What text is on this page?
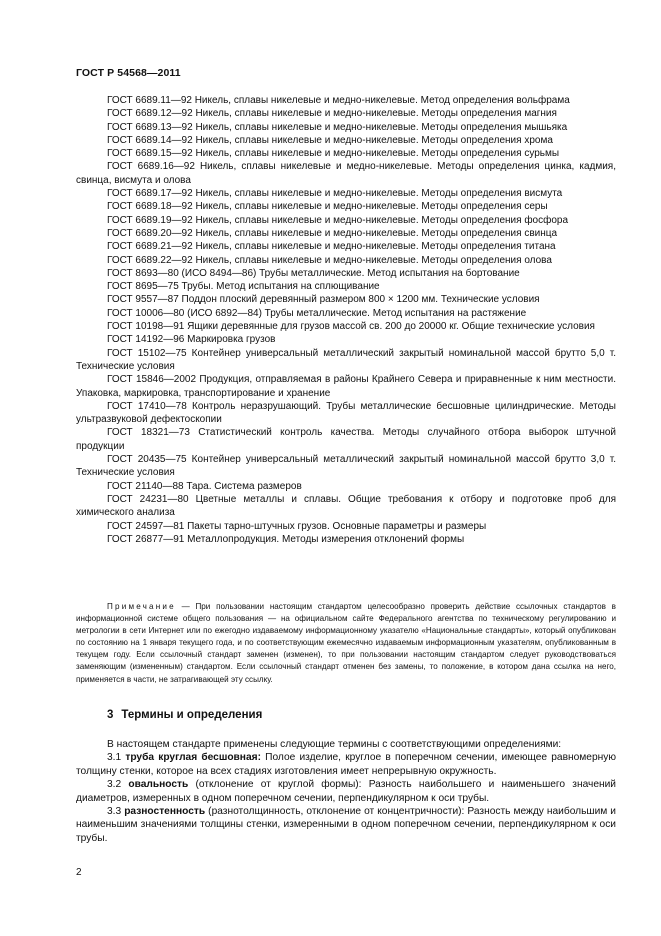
ГОСТ Р 54568—2011

ГОСТ 6689.11—92 Никель, сплавы никелевые и медно-никелевые. Метод определения вольфрама

ГОСТ 6689.12—92 Никель, сплавы никелевые и медно-никелевые. Методы определения магния

ГОСТ 6689.13—92 Никель, сплавы никелевые и медно-никелевые. Методы определения мышьяка

ГОСТ 6689.14—92 Никель, сплавы никелевые и медно-никелевые. Методы определения хрома

ГОСТ 6689.15—92 Никель, сплавы никелевые и медно-никелевые. Методы определения сурьмы

ГОСТ 6689.16—92 Никель, сплавы никелевые и медно-никелевые. Методы определения цинка, кадмия, свинца, висмута и олова

ГОСТ 6689.17—92 Никель, сплавы никелевые и медно-никелевые. Методы определения висмута

ГОСТ 6689.18—92 Никель, сплавы никелевые и медно-никелевые. Методы определения серы

ГОСТ 6689.19—92 Никель, сплавы никелевые и медно-никелевые. Методы определения фосфора

ГОСТ 6689.20—92 Никель, сплавы никелевые и медно-никелевые. Методы определения свинца

ГОСТ 6689.21—92 Никель, сплавы никелевые и медно-никелевые. Методы определения титана

ГОСТ 6689.22—92 Никель, сплавы никелевые и медно-никелевые. Методы определения олова

ГОСТ 8693—80 (ИСО 8494—86) Трубы металлические. Метод испытания на бортование

ГОСТ 8695—75 Трубы. Метод испытания на сплющивание

ГОСТ 9557—87 Поддон плоский деревянный размером 800 × 1200 мм. Технические условия

ГОСТ 10006—80 (ИСО 6892—84) Трубы металлические. Метод испытания на растяжение

ГОСТ 10198—91 Ящики деревянные для грузов массой св. 200 до 20000 кг. Общие технические условия

ГОСТ 14192—96 Маркировка грузов

ГОСТ 15102—75 Контейнер универсальный металлический закрытый номинальной массой брутто 5,0 т. Технические условия

ГОСТ 15846—2002 Продукция, отправляемая в районы Крайнего Севера и приравненные к ним местности. Упаковка, маркировка, транспортирование и хранение

ГОСТ 17410—78 Контроль неразрушающий. Трубы металлические бесшовные цилиндрические. Методы ультразвуковой дефектоскопии

ГОСТ 18321—73 Статистический контроль качества. Методы случайного отбора выборок штучной продукции

ГОСТ 20435—75 Контейнер универсальный металлический закрытый номинальной массой брутто 3,0 т. Технические условия

ГОСТ 21140—88 Тара. Система размеров

ГОСТ 24231—80 Цветные металлы и сплавы. Общие требования к отбору и подготовке проб для химического анализа

ГОСТ 24597—81 Пакеты тарно-штучных грузов. Основные параметры и размеры

ГОСТ 26877—91 Металлопродукция. Методы измерения отклонений формы

Примечание — При пользовании настоящим стандартом целесообразно проверить действие ссылочных стандартов в информационной системе общего пользования — на официальном сайте Федерального агентства по техническому регулированию и метрологии в сети Интернет или по ежегодно издаваемому информационному указателю «Национальные стандарты», который опубликован по состоянию на 1 января текущего года, и по соответствующим ежемесячно издаваемым информационным указателям, опубликованным в текущем году. Если ссылочный стандарт заменен (изменен), то при пользовании настоящим стандартом следует руководствоваться заменяющим (измененным) стандартом. Если ссылочный стандарт отменен без замены, то положение, в котором дана ссылка на него, применяется в части, не затрагивающей эту ссылку.

3 Термины и определения

В настоящем стандарте применены следующие термины с соответствующими определениями:

3.1 труба круглая бесшовная: Полое изделие, круглое в поперечном сечении, имеющее равномерную толщину стенки, которое на всех стадиях изготовления имеет непрерывную окружность.

3.2 овальность (отклонение от круглой формы): Разность наибольшего и наименьшего значений диаметров, измеренных в одном поперечном сечении, перпендикулярном к оси трубы.

3.3 разностенность (разнотолщинность, отклонение от концентричности): Разность между наибольшим и наименьшим значениями толщины стенки, измеренными в одном поперечном сечении, перпендикулярном к оси трубы.

2
